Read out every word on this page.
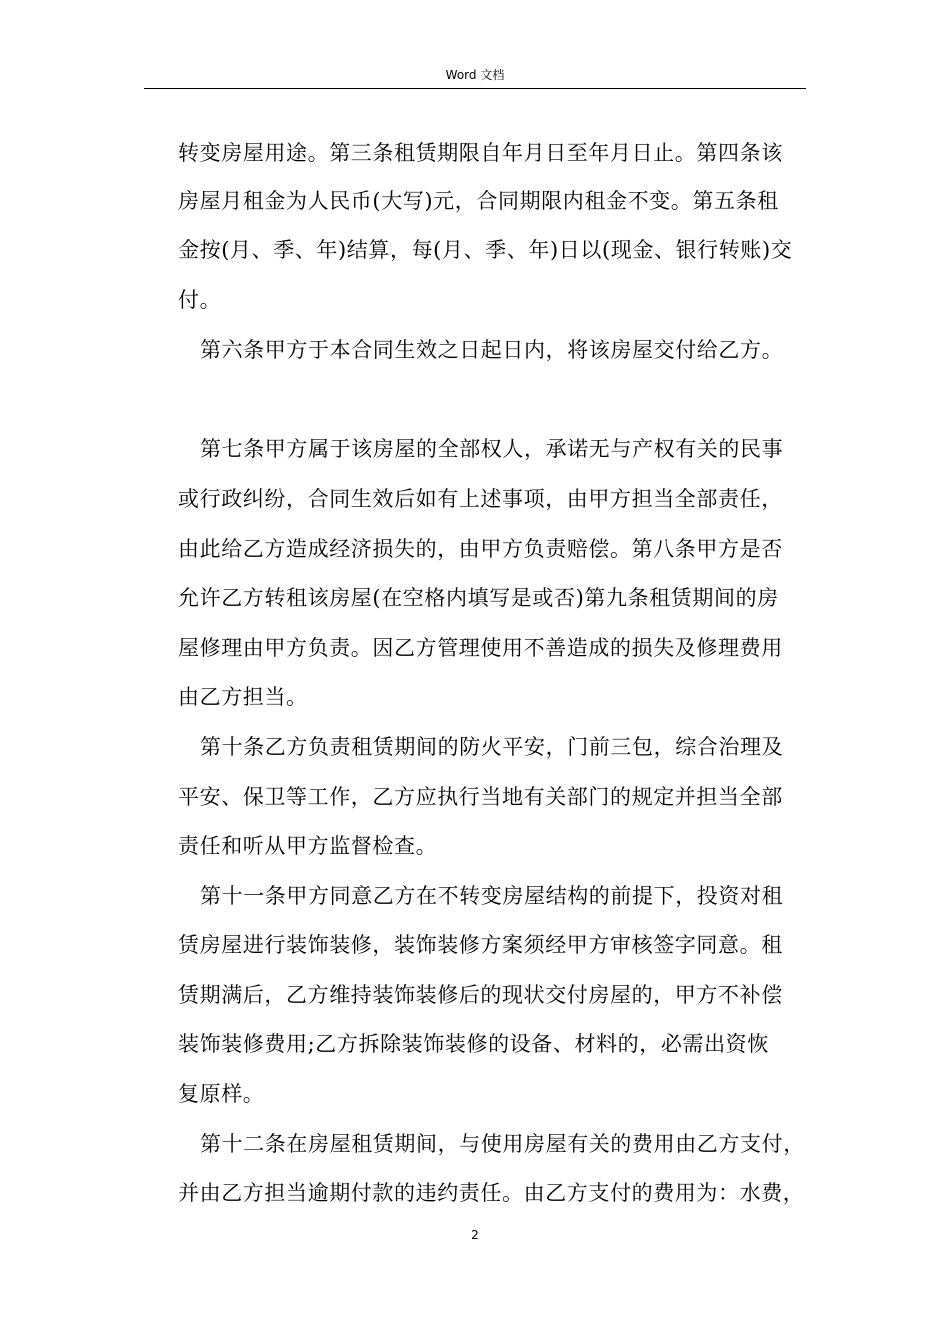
Word 文档
转变房屋用途。第三条租赁期限自年月日至年月日止。第四条该
房屋月租金为人民币(大写)元，合同期限内租金不变。第五条租
金按(月、季、年)结算，每(月、季、年)日以(现金、银行转账)交
付。
第六条甲方于本合同生效之日起日内，将该房屋交付给乙方。
第七条甲方属于该房屋的全部权人，承诺无与产权有关的民事
或行政纠纷，合同生效后如有上述事项，由甲方担当全部责任，
由此给乙方造成经济损失的，由甲方负责赔偿。第八条甲方是否
允许乙方转租该房屋(在空格内填写是或否)第九条租赁期间的房
屋修理由甲方负责。因乙方管理使用不善造成的损失及修理费用
由乙方担当。
第十条乙方负责租赁期间的防火平安，门前三包，综合治理及
平安、保卫等工作，乙方应执行当地有关部门的规定并担当全部
责任和听从甲方监督检查。
第十一条甲方同意乙方在不转变房屋结构的前提下，投资对租
赁房屋进行装饰装修，装饰装修方案须经甲方审核签字同意。租
赁期满后，乙方维持装饰装修后的现状交付房屋的，甲方不补偿
装饰装修费用;乙方拆除装饰装修的设备、材料的，必需出资恢
复原样。
第十二条在房屋租赁期间，与使用房屋有关的费用由乙方支付，
并由乙方担当逾期付款的违约责任。由乙方支付的费用为：水费，
2
